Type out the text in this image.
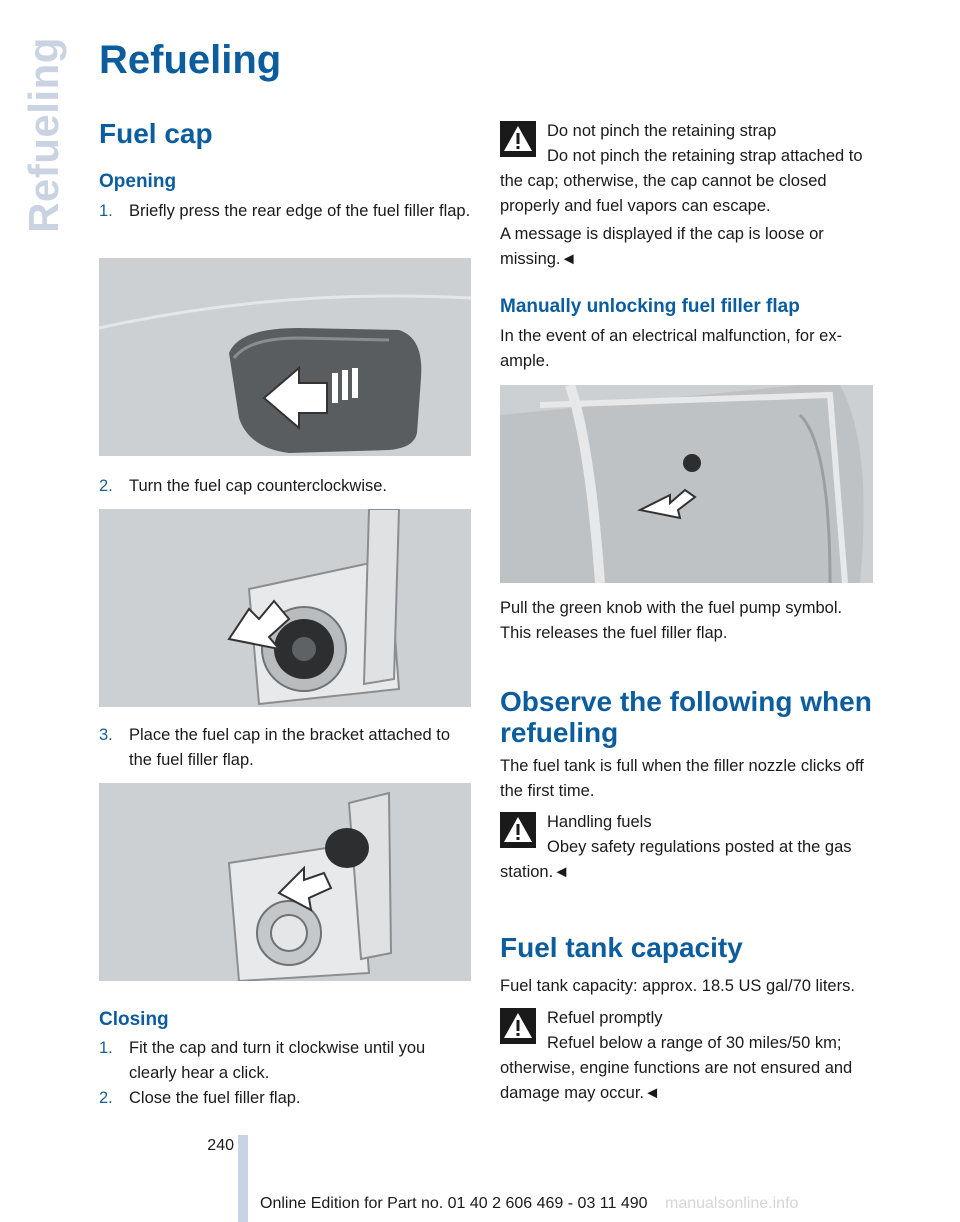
Refueling Refueling
Fuel cap
Opening
1. Briefly press the rear edge of the fuel filler flap.
2. Turn the fuel cap counterclockwise.
3. Place the fuel cap in the bracket attached to the fuel filler flap.
Closing
1. Fit the cap and turn it clockwise until you clearly hear a click.
2. Close the fuel filler flap.
Do not pinch the retaining strap
Do not pinch the retaining strap attached to the cap; otherwise, the cap cannot be closed properly and fuel vapors can escape.

A message is displayed if the cap is loose or missing.◄

Manually unlocking fuel filler flap

In the event of an electrical malfunction, for example.

Pull the green knob with the fuel pump symbol. This releases the fuel filler flap.

Observe the following when refueling

The fuel tank is full when the filler nozzle clicks off the first time.

Handling fuels
Obey safety regulations posted at the gas station.◄
Fuel tank capacity

Fuel tank capacity: approx. 18.5 US gal/70 liters.

Refuel promptly
Refuel below a range of 30 miles/50 km; otherwise, engine functions are not ensured and damage may occur.◄
240
Online Edition for Part no. 01 40 2 606 469 - 03 11 490 manualsonline.info
